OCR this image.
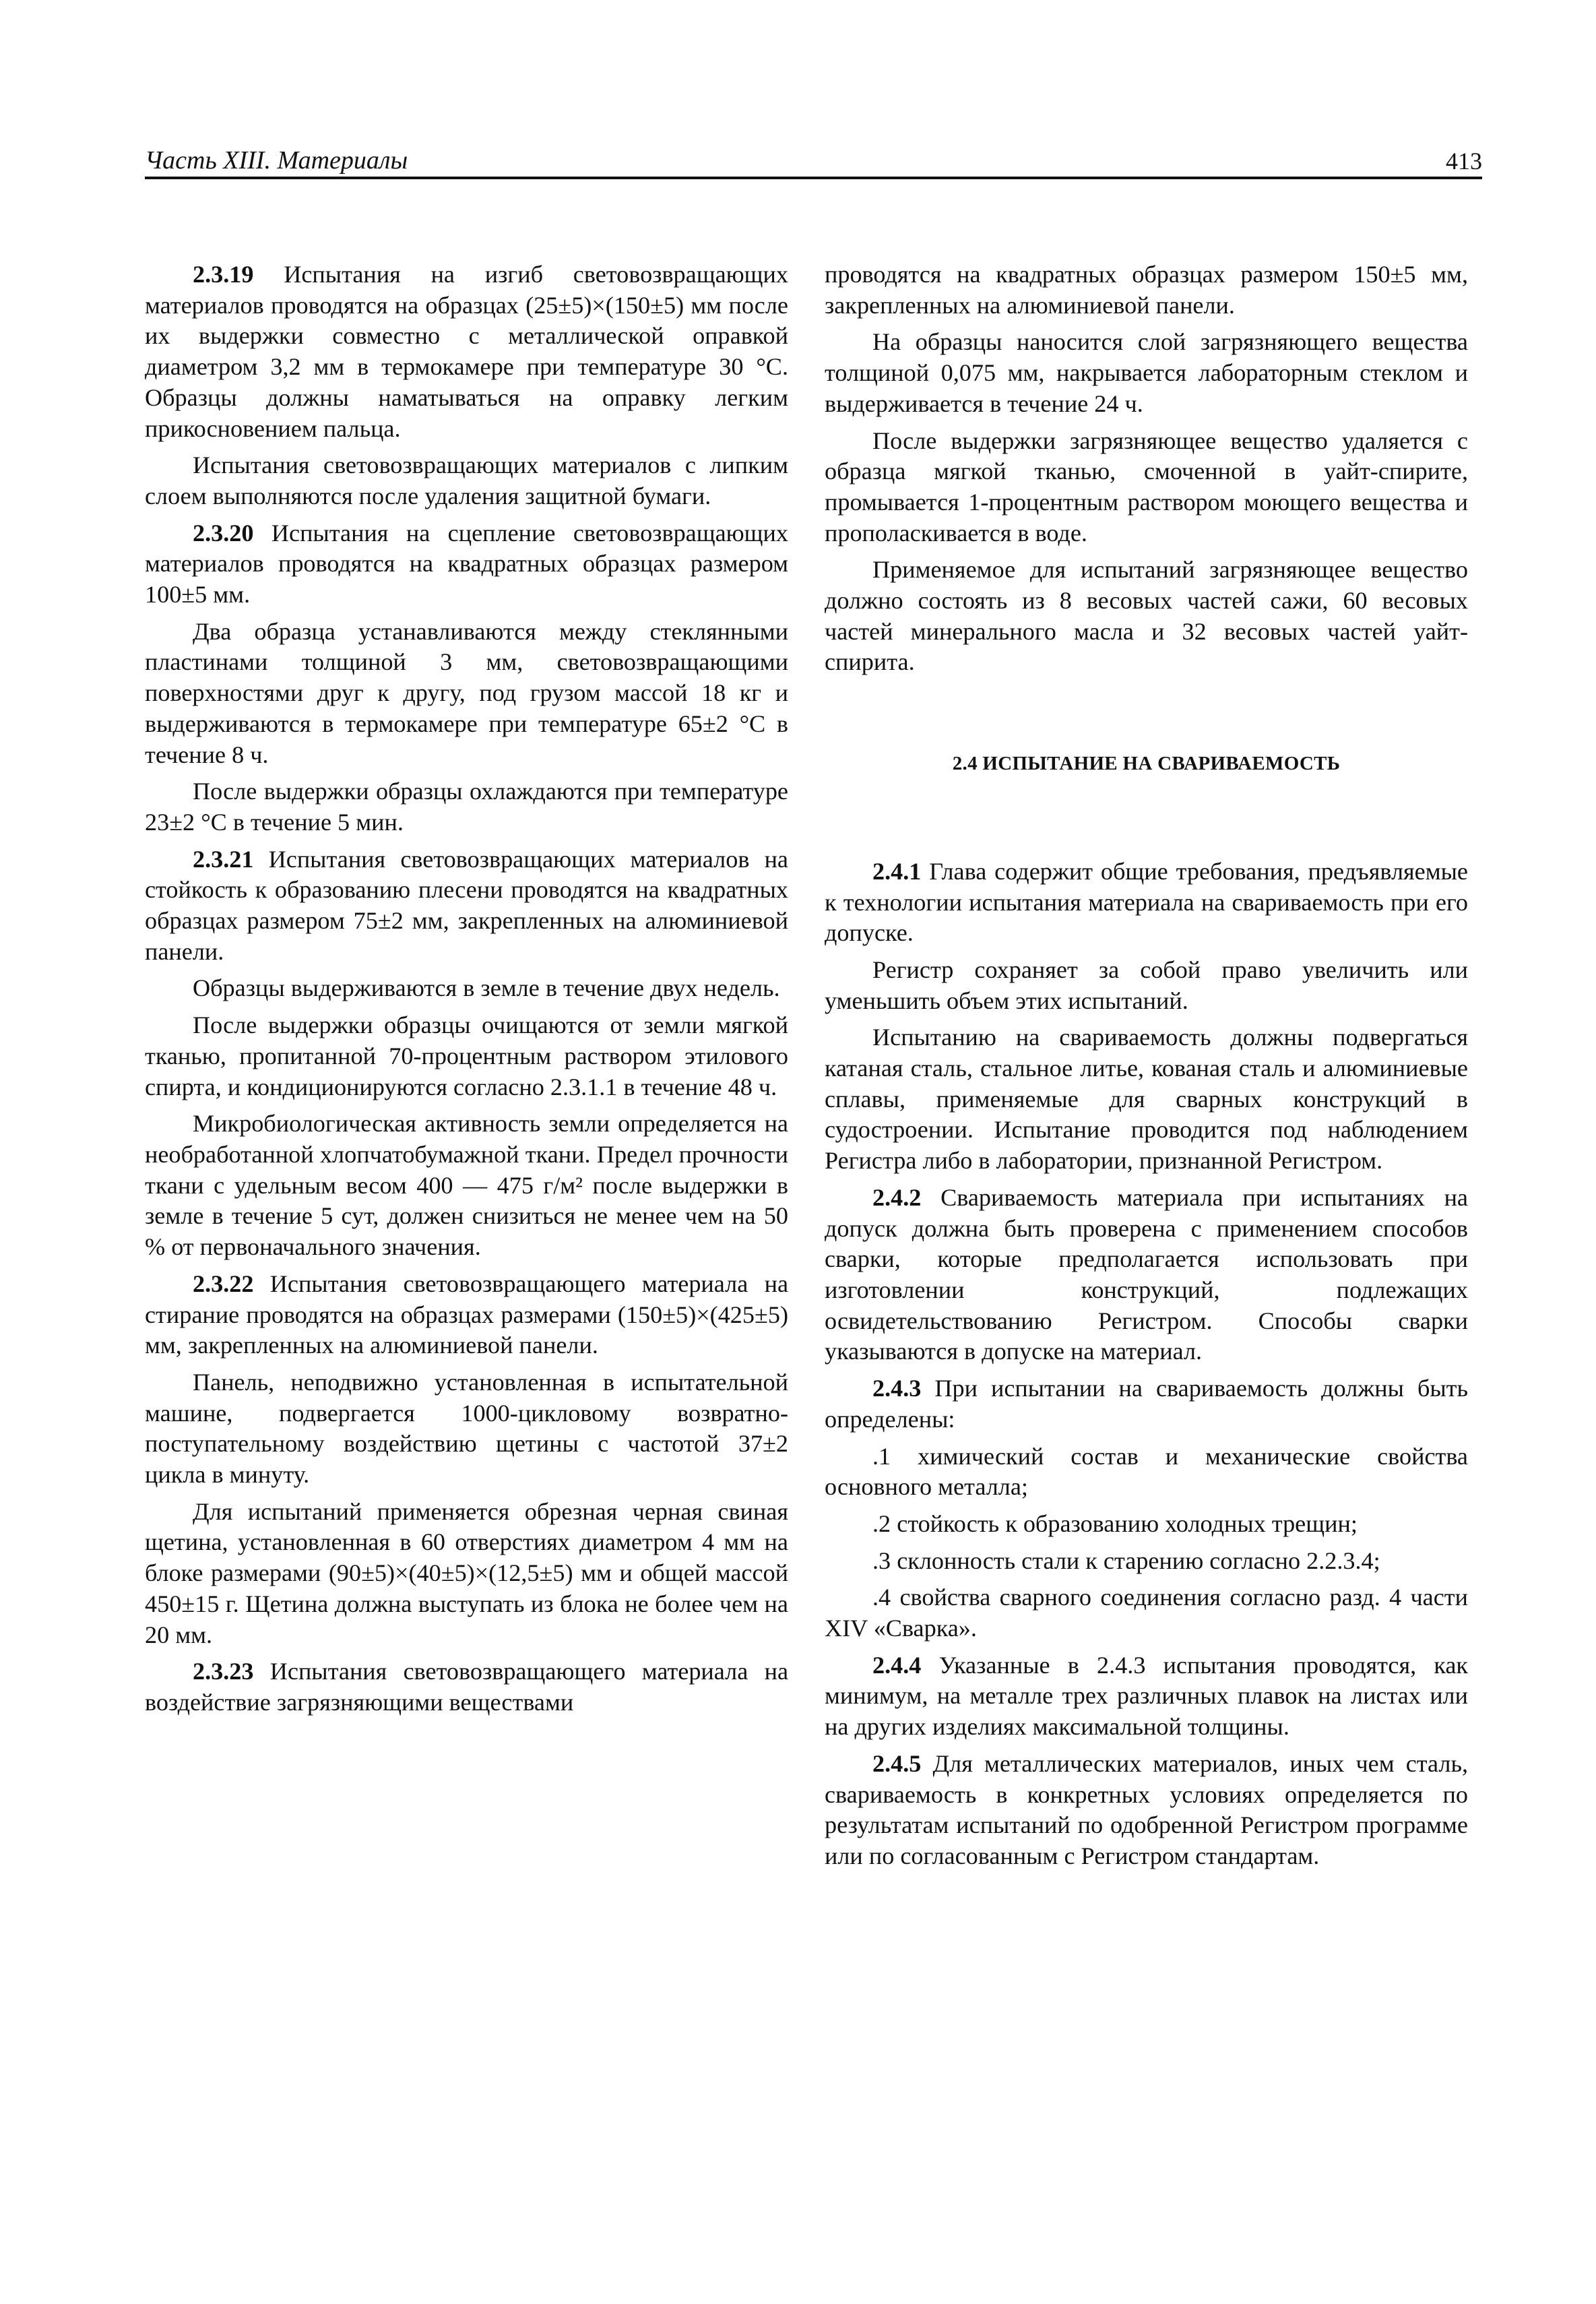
Часть XIII. Материалы	413

2.3.19 Испытания на изгиб световозвращающих материалов проводятся на образцах (25±5)×(150±5) мм после их выдержки совместно с металлической оправкой диаметром 3,2 мм в термокамере при температуре 30 °С. Образцы должны наматываться на оправку легким прикосновением пальца.

Испытания световозвращающих материалов с липким слоем выполняются после удаления защитной бумаги.

2.3.20 Испытания на сцепление световозвращающих материалов проводятся на квадратных образцах размером 100±5 мм.

Два образца устанавливаются между стеклянными пластинами толщиной 3 мм, световозвращающими поверхностями друг к другу, под грузом массой 18 кг и выдерживаются в термокамере при температуре 65±2 °С в течение 8 ч.

После выдержки образцы охлаждаются при температуре 23±2 °С в течение 5 мин.

2.3.21 Испытания световозвращающих материалов на стойкость к образованию плесени проводятся на квадратных образцах размером 75±2 мм, закрепленных на алюминиевой панели.

Образцы выдерживаются в земле в течение двух недель.

После выдержки образцы очищаются от земли мягкой тканью, пропитанной 70-процентным раствором этилового спирта, и кондиционируются согласно 2.3.1.1 в течение 48 ч.

Микробиологическая активность земли определяется на необработанной хлопчатобумажной ткани. Предел прочности ткани с удельным весом 400 — 475 г/м² после выдержки в земле в течение 5 сут, должен снизиться не менее чем на 50 % от первоначального значения.

2.3.22 Испытания световозвращающего материала на стирание проводятся на образцах размерами (150±5)×(425±5) мм, закрепленных на алюминиевой панели.

Панель, неподвижно установленная в испытательной машине, подвергается 1000-цикловому возвратно-поступательному воздействию щетины с частотой 37±2 цикла в минуту.

Для испытаний применяется обрезная черная свиная щетина, установленная в 60 отверстиях диаметром 4 мм на блоке размерами (90±5)×(40±5)×(12,5±5) мм и общей массой 450±15 г. Щетина должна выступать из блока не более чем на 20 мм.

2.3.23 Испытания световозвращающего материала на воздействие загрязняющими веществами

проводятся на квадратных образцах размером 150±5 мм, закрепленных на алюминиевой панели.

На образцы наносится слой загрязняющего вещества толщиной 0,075 мм, накрывается лабораторным стеклом и выдерживается в течение 24 ч.

После выдержки загрязняющее вещество удаляется с образца мягкой тканью, смоченной в уайт-спирите, промывается 1-процентным раствором моющего вещества и прополаскивается в воде.

Применяемое для испытаний загрязняющее вещество должно состоять из 8 весовых частей сажи, 60 весовых частей минерального масла и 32 весовых частей уайт-спирита.

2.4 ИСПЫТАНИЕ НА СВАРИВАЕМОСТЬ

2.4.1 Глава содержит общие требования, предъявляемые к технологии испытания материала на свариваемость при его допуске.

Регистр сохраняет за собой право увеличить или уменьшить объем этих испытаний.

Испытанию на свариваемость должны подвергаться катаная сталь, стальное литье, кованая сталь и алюминиевые сплавы, применяемые для сварных конструкций в судостроении. Испытание проводится под наблюдением Регистра либо в лаборатории, признанной Регистром.

2.4.2 Свариваемость материала при испытаниях на допуск должна быть проверена с применением способов сварки, которые предполагается использовать при изготовлении конструкций, подлежащих освидетельствованию Регистром. Способы сварки указываются в допуске на материал.

2.4.3 При испытании на свариваемость должны быть определены:

.1 химический состав и механические свойства основного металла;

.2 стойкость к образованию холодных трещин;

.3 склонность стали к старению согласно 2.2.3.4;

.4 свойства сварного соединения согласно разд. 4 части XIV «Сварка».

2.4.4 Указанные в 2.4.3 испытания проводятся, как минимум, на металле трех различных плавок на листах или на других изделиях максимальной толщины.

2.4.5 Для металлических материалов, иных чем сталь, свариваемость в конкретных условиях определяется по результатам испытаний по одобренной Регистром программе или по согласованным с Регистром стандартам.
